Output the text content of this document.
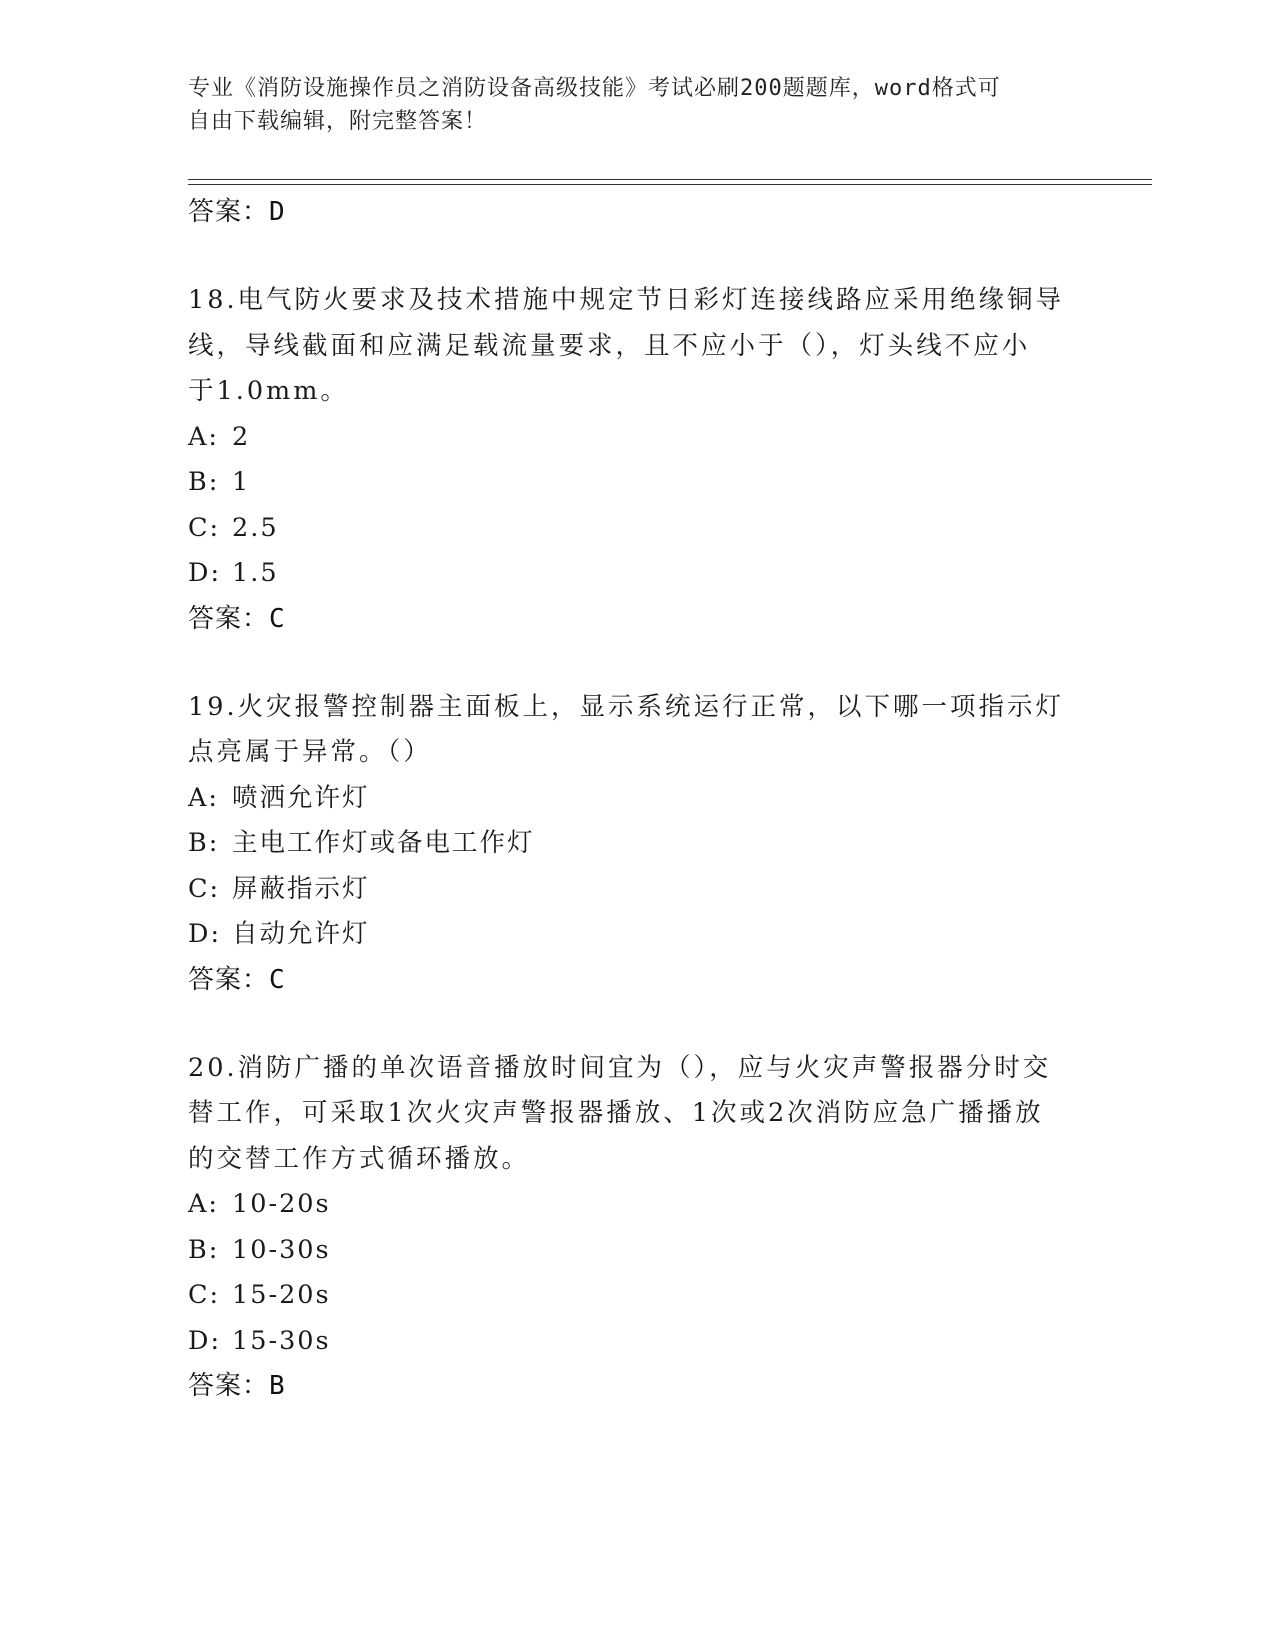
专业《消防设施操作员之消防设备高级技能》考试必刷200题题库，word格式可
自由下载编辑，附完整答案！
答案：D
18.电气防火要求及技术措施中规定节日彩灯连接线路应采用绝缘铜导
线，导线截面和应满足载流量要求，且不应小于（），灯头线不应小
于1.0mm。
A: 2
B: 1
C: 2.5
D: 1.5
答案：C
19.火灾报警控制器主面板上，显示系统运行正常，以下哪一项指示灯
点亮属于异常。（）
A: 喷洒允许灯
B: 主电工作灯或备电工作灯
C: 屏蔽指示灯
D: 自动允许灯
答案：C
20.消防广播的单次语音播放时间宜为（），应与火灾声警报器分时交
替工作，可采取1次火灾声警报器播放、1次或2次消防应急广播播放
的交替工作方式循环播放。
A: 10-20s
B: 10-30s
C: 15-20s
D: 15-30s
答案：B
